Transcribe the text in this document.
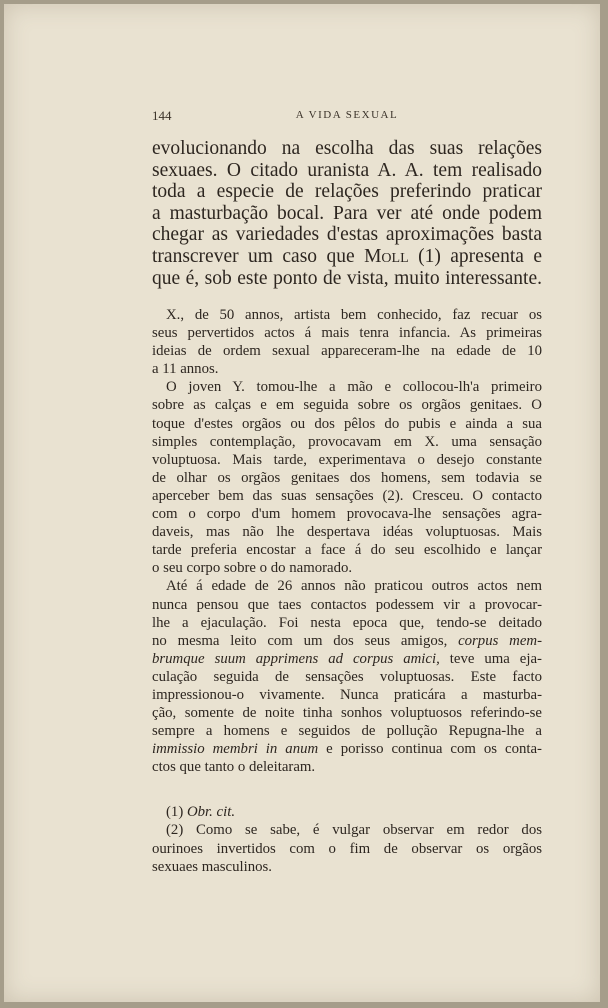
144	A VIDA SEXUAL
evolucionando na escolha das suas relações
sexuaes. O citado uranista A. A. tem realisado
toda a especie de relações preferindo praticar
a masturbação bocal. Para ver até onde podem
chegar as variedades d'estas aproximações basta
transcrever um caso que Moll (1) apresenta e
que é, sob este ponto de vista, muito interessante.
X., de 50 annos, artista bem conhecido, faz recuar os
seus pervertidos actos á mais tenra infancia. As primeiras
ideias de ordem sexual appareceram-lhe na edade de 10
a 11 annos.
O joven Y. tomou-lhe a mão e collocou-lh'a primeiro
sobre as calças e em seguida sobre os orgãos genitaes. O
toque d'estes orgãos ou dos pêlos do pubis e ainda a sua
simples contemplação, provocavam em X. uma sensação
voluptuosa. Mais tarde, experimentava o desejo constante
de olhar os orgãos genitaes dos homens, sem todavia se
aperceber bem das suas sensações (2). Cresceu. O contacto
com o corpo d'um homem provocava-lhe sensações agra-
daveis, mas não lhe despertava idéas voluptuosas. Mais
tarde preferia encostar a face á do seu escolhido e lançar
o seu corpo sobre o do namorado.
Até á edade de 26 annos não praticou outros actos nem
nunca pensou que taes contactos podessem vir a provocar-
lhe a ejaculação. Foi nesta epoca que, tendo-se deitado
no mesma leito com um dos seus amigos, corpus mem-
brumque suum apprimens ad corpus amici, teve uma eja-
culação seguida de sensações voluptuosas. Este facto
impressionou-o vivamente. Nunca praticára a masturba-
ção, somente de noite tinha sonhos voluptuosos referindo-se
sempre a homens e seguidos de pollução Repugna-lhe a
immissio membri in anum e porisso continua com os conta-
ctos que tanto o deleitaram.
(1) Obr. cit.
(2) Como se sabe, é vulgar observar em redor dos
ourinoes invertidos com o fim de observar os orgãos
sexuaes masculinos.
